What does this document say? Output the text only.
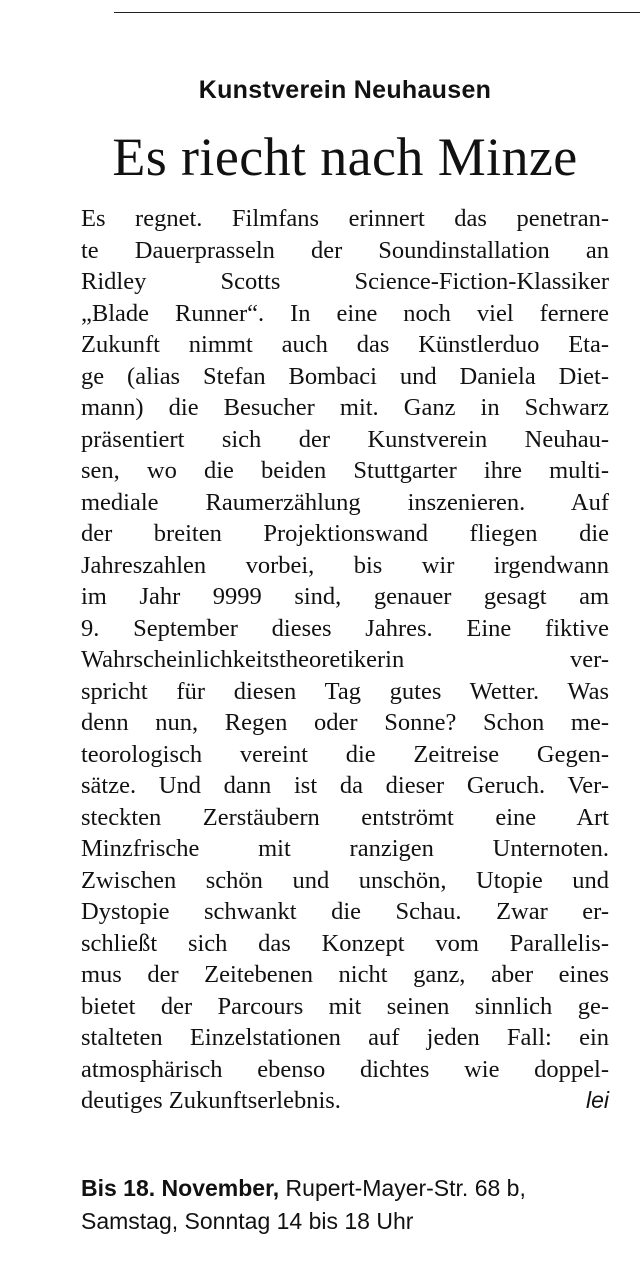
Kunstverein Neuhausen
Es riecht nach Minze
Es regnet. Filmfans erinnert das penetran-
te Dauerprasseln der Soundinstallation an
Ridley Scotts Science-Fiction-Klassiker
„Blade Runner“. In eine noch viel fernere
Zukunft nimmt auch das Künstlerduo Eta-
ge (alias Stefan Bombaci und Daniela Diet-
mann) die Besucher mit. Ganz in Schwarz
präsentiert sich der Kunstverein Neuhau-
sen, wo die beiden Stuttgarter ihre multi-
mediale Raumerzählung inszenieren. Auf
der breiten Projektionswand fliegen die
Jahreszahlen vorbei, bis wir irgendwann
im Jahr 9999 sind, genauer gesagt am
9. September dieses Jahres. Eine fiktive
Wahrscheinlichkeitstheoretikerin ver-
spricht für diesen Tag gutes Wetter. Was
denn nun, Regen oder Sonne? Schon me-
teorologisch vereint die Zeitreise Gegen-
sätze. Und dann ist da dieser Geruch. Ver-
steckten Zerstäubern entströmt eine Art
Minzfrische mit ranzigen Unternoten.
Zwischen schön und unschön, Utopie und
Dystopie schwankt die Schau. Zwar er-
schließt sich das Konzept vom Parallelis-
mus der Zeitebenen nicht ganz, aber eines
bietet der Parcours mit seinen sinnlich ge-
stalteten Einzelstationen auf jeden Fall: ein
atmosphärisch ebenso dichtes wie doppel-
deutiges Zukunftserlebnis.	lei
Bis 18. November, Rupert-Mayer-Str. 68 b,
Samstag, Sonntag 14 bis 18 Uhr
